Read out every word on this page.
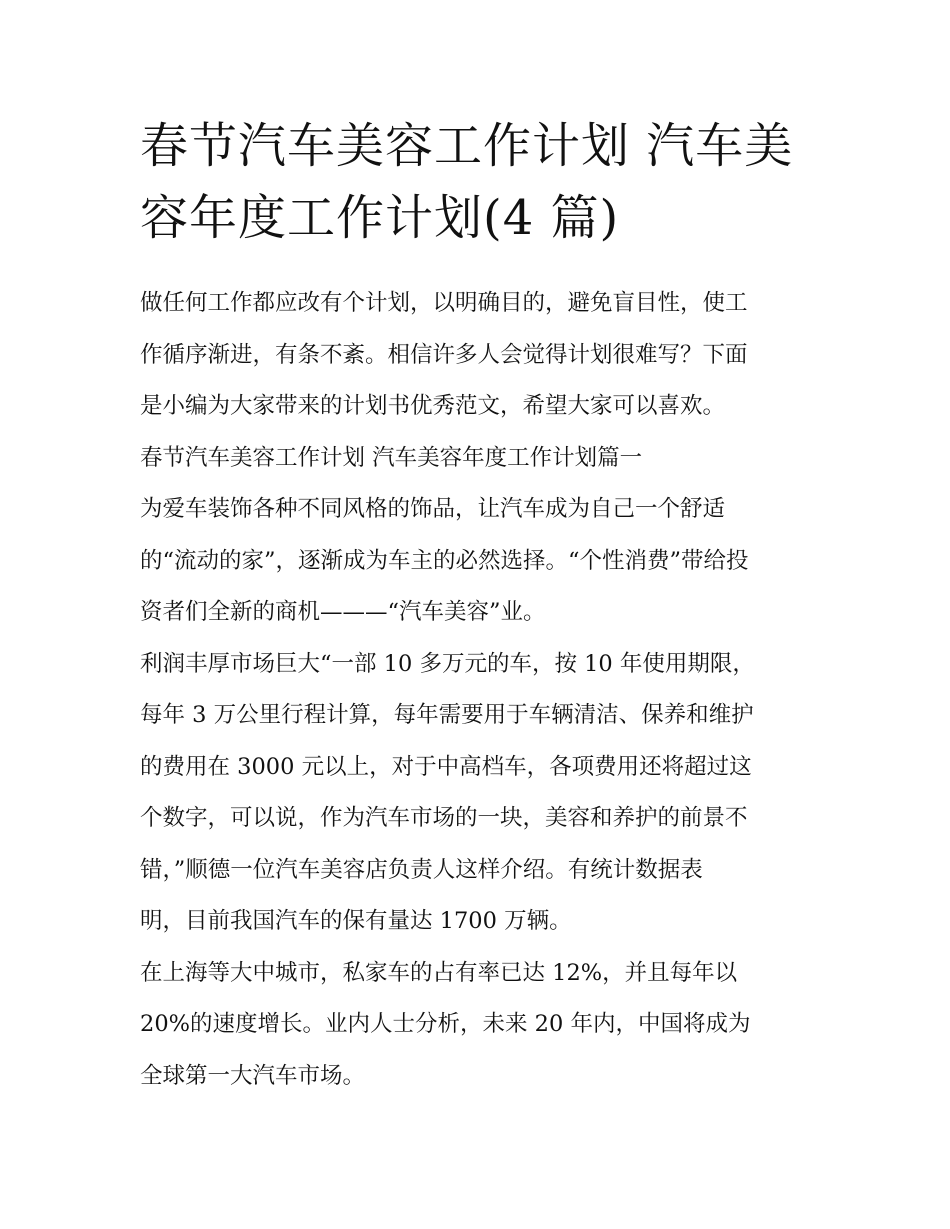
春节汽车美容工作计划 汽车美
容年度工作计划(4 篇)

做任何工作都应改有个计划，以明确目的，避免盲目性，使工
作循序渐进，有条不紊。相信许多人会觉得计划很难写？下面
是小编为大家带来的计划书优秀范文，希望大家可以喜欢。

春节汽车美容工作计划 汽车美容年度工作计划篇一

为爱车装饰各种不同风格的饰品，让汽车成为自己一个舒适
的“流动的家”，逐渐成为车主的必然选择。“个性消费”带给投
资者们全新的商机———“汽车美容”业。

利润丰厚市场巨大“一部 10 多万元的车，按 10 年使用期限，
每年 3 万公里行程计算，每年需要用于车辆清洁、保养和维护
的费用在 3000 元以上，对于中高档车，各项费用还将超过这
个数字，可以说，作为汽车市场的一块，美容和养护的前景不
错，”顺德一位汽车美容店负责人这样介绍。有统计数据表
明，目前我国汽车的保有量达 1700 万辆。

在上海等大中城市，私家车的占有率已达 12%，并且每年以
20%的速度增长。业内人士分析，未来 20 年内，中国将成为
全球第一大汽车市场。
